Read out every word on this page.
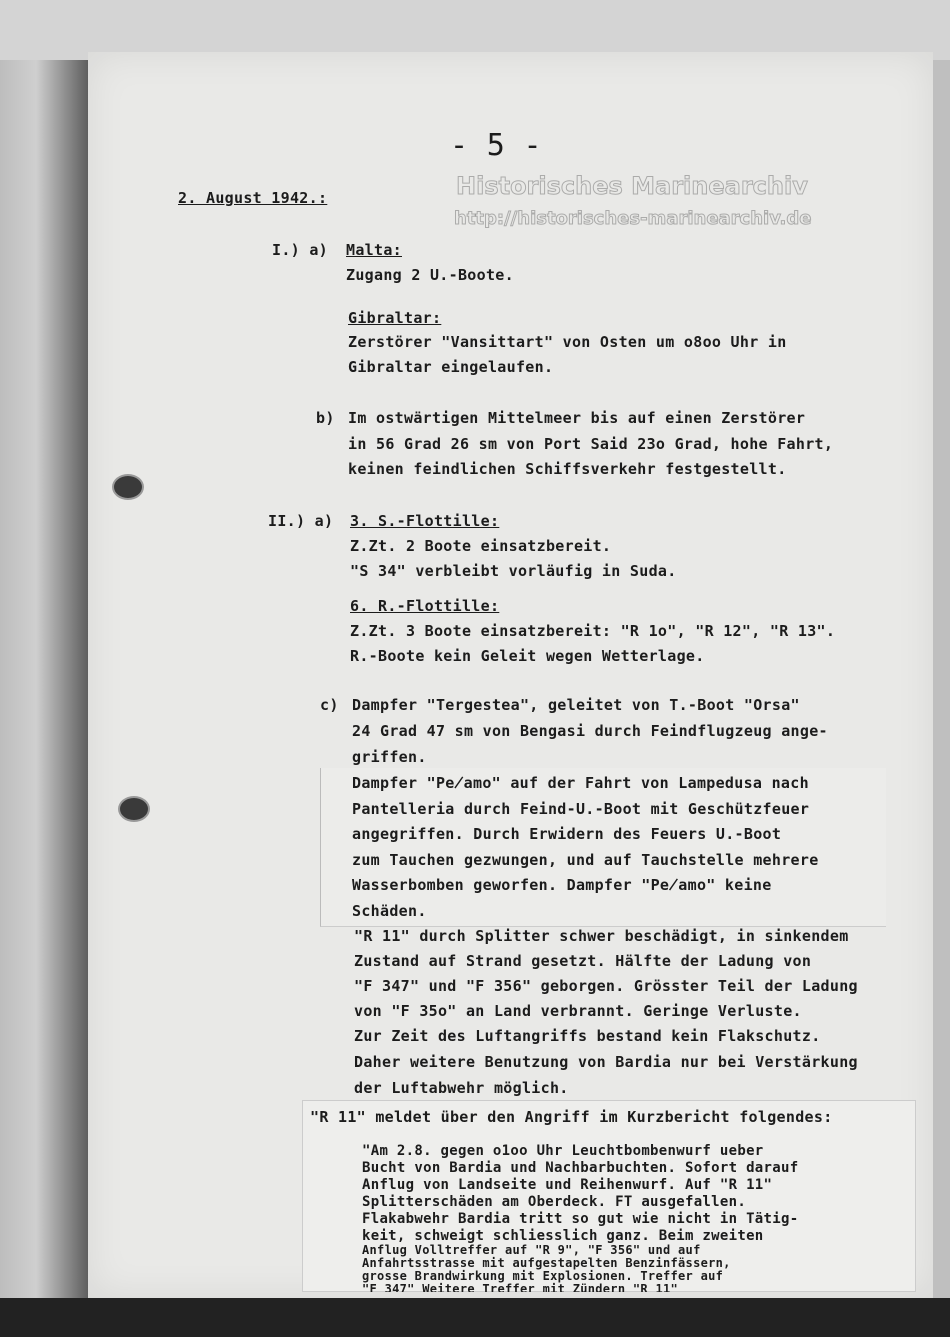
- 5 -
Historisches Marinearchiv
http://historisches-marinearchiv.de
2. August 1942.:
I.) a) Malta:
Zugang 2 U.-Boote.
Gibraltar:
Zerstörer "Vansittart" von Osten um o8oo Uhr in
Gibraltar eingelaufen.
b) Im ostwärtigen Mittelmeer bis auf einen Zerstörer
in 56 Grad 26 sm von Port Said 23o Grad, hohe Fahrt,
keinen feindlichen Schiffsverkehr festgestellt.
II.) a) 3. S.-Flottille:
Z.Zt. 2 Boote einsatzbereit.
"S 34" verbleibt vorläufig in Suda.
6. R.-Flottille:
Z.Zt. 3 Boote einsatzbereit: "R 1o", "R 12", "R 13".
R.-Boote kein Geleit wegen Wetterlage.
c) Dampfer "Tergestea", geleitet von T.-Boot "Orsa"
24 Grad 47 sm von Bengasi durch Feindflugzeug ange-
griffen.
Dampfer "Pe̸amo" auf der Fahrt von Lampedusa nach
Pantelleria durch Feind-U.-Boot mit Geschützfeuer
angegriffen. Durch Erwidern des Feuers U.-Boot
zum Tauchen gezwungen, und auf Tauchstelle mehrere
Wasserbomben geworfen. Dampfer "Pe̸amo" keine
Schäden.
"R 11" durch Splitter schwer beschädigt, in sinkendem
Zustand auf Strand gesetzt. Hälfte der Ladung von
"F 347" und "F 356" geborgen. Grösster Teil der Ladung
von "F 35o" an Land verbrannt. Geringe Verluste.
Zur Zeit des Luftangriffs bestand kein Flakschutz.
Daher weitere Benutzung von Bardia nur bei Verstärkung
der Luftabwehr möglich.
"R 11" meldet über den Angriff im Kurzbericht folgendes:
"Am 2.8. gegen o1oo Uhr Leuchtbombenwurf ueber
Bucht von Bardia und Nachbarbuchten. Sofort darauf
Anflug von Landseite und Reihenwurf. Auf "R 11"
Splitterschäden am Oberdeck. FT ausgefallen.
Flakabwehr Bardia tritt so gut wie nicht in Tätig-
keit, schweigt schliesslich ganz. Beim zweiten
Anflug Volltreffer auf "R 9", "F 356" und auf
Anfahrtsstrasse mit aufgestapelten Benzinfässern,
grosse Brandwirkung mit Explosionen. Treffer auf
"F 347" Weitere Treffer mit Zündern "R 11"
